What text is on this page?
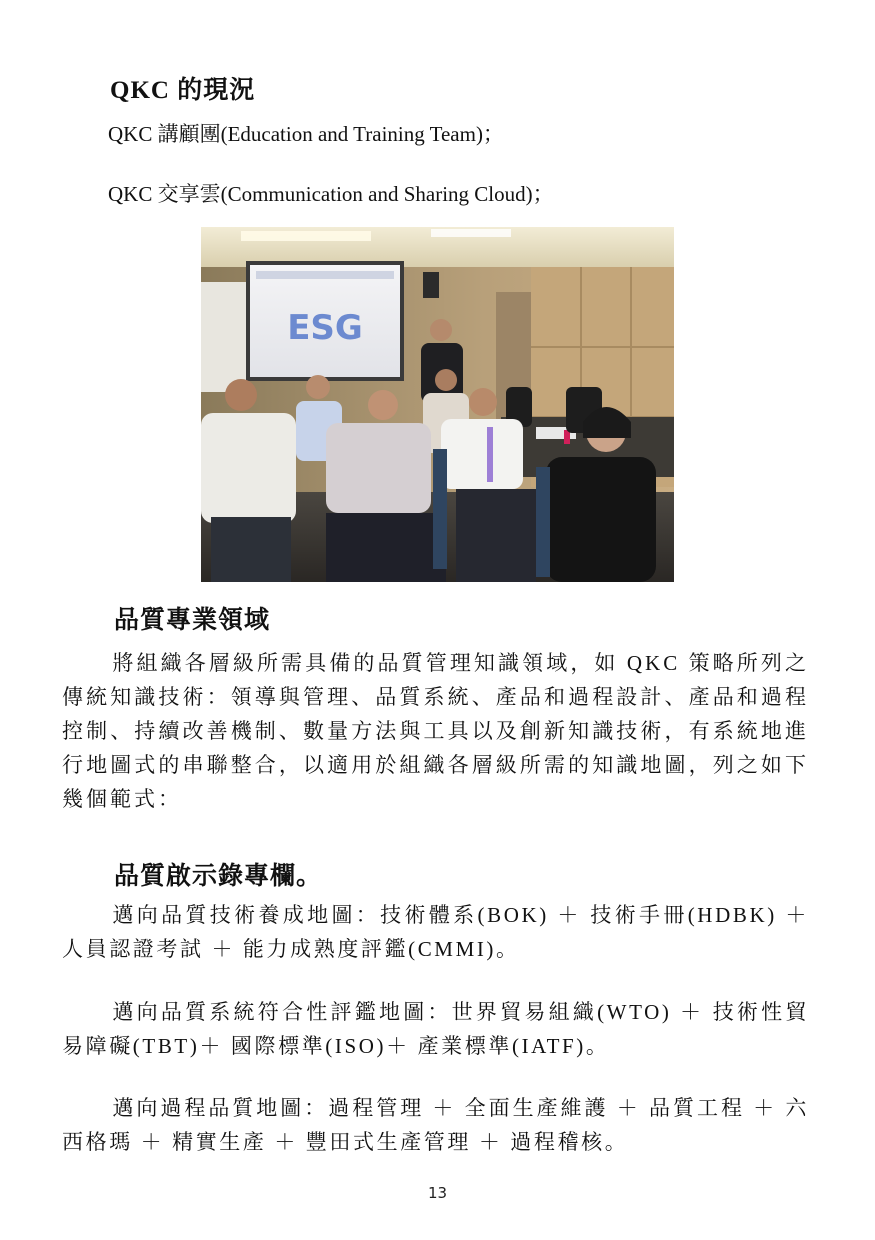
QKC 的現況
QKC 講顧團(Education and Training Team)；
QKC 交享雲(Communication and Sharing Cloud)；
ESG
品質專業領域

將組織各層級所需具備的品質管理知識領域，如 QKC 策略所列之傳統知識技術：領導與管理、品質系統、產品和過程設計、產品和過程控制、持續改善機制、數量方法與工具以及創新知識技術，有系統地進行地圖式的串聯整合，以適用於組織各層級所需的知識地圖，列之如下幾個範式：

品質啟示錄專欄。

邁向品質技術養成地圖：技術體系(BOK) ＋ 技術手冊(HDBK) ＋ 人員認證考試 ＋ 能力成熟度評鑑(CMMI)。

邁向品質系統符合性評鑑地圖：世界貿易組織(WTO) ＋ 技術性貿易障礙(TBT)＋ 國際標準(ISO)＋ 產業標準(IATF)。

邁向過程品質地圖：過程管理 ＋ 全面生產維護 ＋ 品質工程 ＋ 六西格瑪 ＋ 精實生產 ＋ 豐田式生產管理 ＋ 過程稽核。

13
